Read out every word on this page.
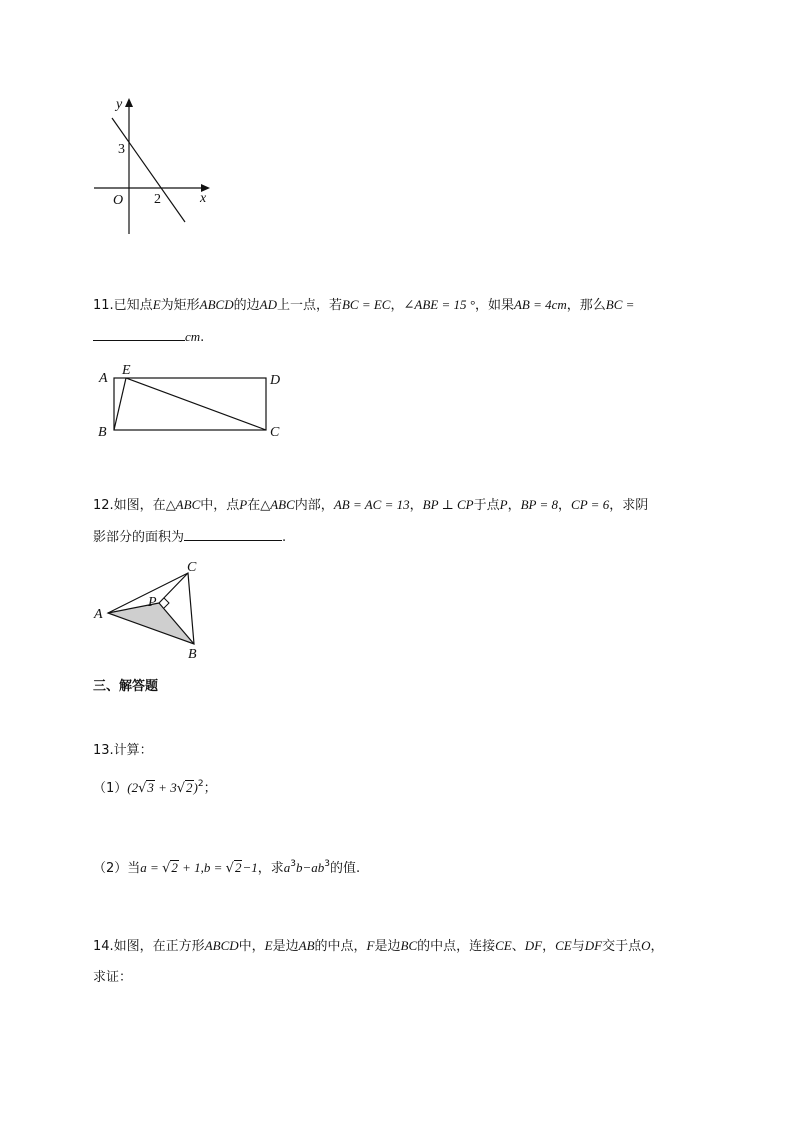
y
x
O
3
2
11.已知点E为矩形ABCD的边AD上一点，若BC = EC，∠ABE = 15 °，如果AB = 4cm，那么BC =
cm.
A
E
D
B	C
12.如图，在△ABC中，点P在△ABC内部，AB = AC = 13，BP ⊥ CP于点P，BP = 8，CP = 6，求阴
影部分的面积为	.
C
P
A
B
三、解答题
13.计算：
$(1)(2√3 + 3√2)^2$；
（2）当a = √2 + 1,b = √2−1，求$a^3b-ab^3$的值.
14.如图，在正方形ABCD中，E是边AB的中点，F是边BC的中点，连接CE、DF，CE与DF交于点O，
求证：
